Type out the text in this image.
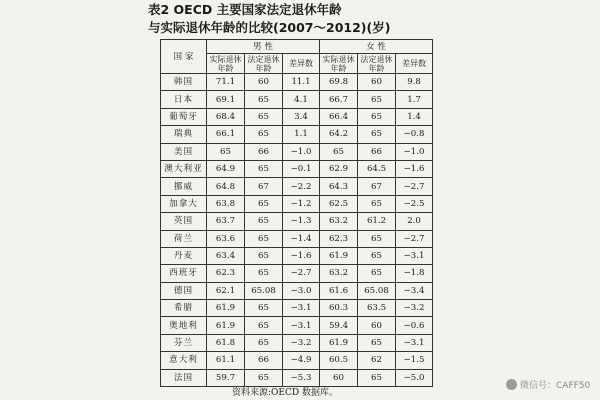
表2 OECD 主要国家法定退休年龄
与实际退休年龄的比较(2007～2012)(岁)
国 家	男 性			女 性		
	实际退休年龄	法定退休年龄	差异数	实际退休年龄	法定退休年龄	差异数
韩国	71.1	60	11.1	69.8	60	9.8
日本	69.1	65	4.1	66.7	65	1.7
葡萄牙	68.4	65	3.4	66.4	65	1.4
瑞典	66.1	65	1.1	64.2	65	−0.8
美国	65	66	−1.0	65	66	−1.0
澳大利亚	64.9	65	−0.1	62.9	64.5	−1.6
挪威	64.8	67	−2.2	64.3	67	−2.7
加拿大	63.8	65	−1.2	62.5	65	−2.5
英国	63.7	65	−1.3	63.2	61.2	2.0
荷兰	63.6	65	−1.4	62.3	65	−2.7
丹麦	63.4	65	−1.6	61.9	65	−3.1
西班牙	62.3	65	−2.7	63.2	65	−1.8
德国	62.1	65.08	−3.0	61.6	65.08	−3.4
希腊	61.9	65	−3.1	60.3	63.5	−3.2
奥地利	61.9	65	−3.1	59.4	60	−0.6
芬兰	61.8	65	−3.2	61.9	65	−3.1
意大利	61.1	66	−4.9	60.5	62	−1.5
法国	59.7	65	−5.3	60	65	−5.0
资料来源:OECD 数据库。
微信号：CAFF50
